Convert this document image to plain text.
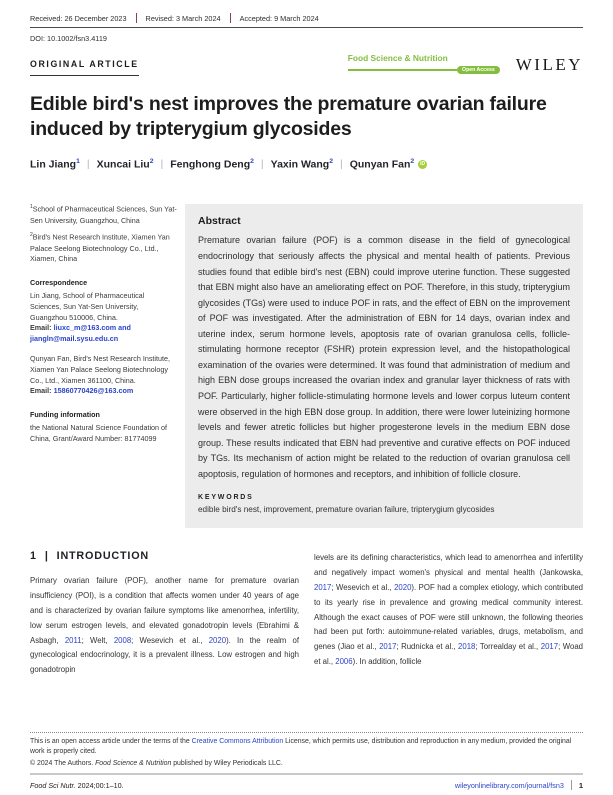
Received: 26 December 2023	Revised: 3 March 2024	Accepted: 9 March 2024
DOI: 10.1002/fsn3.4119
ORIGINAL ARTICLE
Food Science & Nutrition
Open Access WILEY
Edible bird's nest improves the premature ovarian failure induced by tripterygium glycosides
Lin Jiang$^1$ | Xuncai Liu$^2$ | Fenghong Deng$^2$ | Yaxin Wang$^2$ | Qunyan Fan$^2$	iD
$^1$School of Pharmaceutical Sciences, Sun Yat-Sen University, Guangzhou, China
$^2$Bird's Nest Research Institute, Xiamen Yan Palace Seelong Biotechnology Co., Ltd., Xiamen, China
Correspondence
Lin Jiang, School of Pharmaceutical Sciences, Sun Yat-Sen University, Guangzhou 510006, China.
Email: liuxc_m@163.com and jiangln@mail.sysu.edu.cn
Qunyan Fan, Bird's Nest Research Institute, Xiamen Yan Palace Seelong Biotechnology Co., Ltd., Xiamen 361100, China.
Email: 15860770426@163.com
Funding information
the National Natural Science Foundation of China, Grant/Award Number: 81774099
Abstract

Premature ovarian failure (POF) is a common disease in the field of gynecological endocrinology that seriously affects the physical and mental health of patients. Previous studies found that edible bird's nest (EBN) could improve uterine function. These suggested that EBN might also have an ameliorating effect on POF. Therefore, in this study, tripterygium glycosides (TGs) were used to induce POF in rats, and the effect of EBN on the improvement of POF was investigated. After the administration of EBN for 14 days, ovarian index and uterine index, serum hormone levels, apoptosis rate of ovarian granulosa cells, follicle-stimulating hormone receptor (FSHR) protein expression level, and the histopathological examination of the ovaries were determined. It was found that administration of medium and high EBN dose groups increased the ovarian index and granular layer thickness of rats with POF. Particularly, higher follicle-stimulating hormone levels and lower corpus luteum content were observed in the high EBN dose group. In addition, there were lower luteinizing hormone levels and fewer atretic follicles but higher progesterone levels in the medium EBN dose group. These results indicated that EBN had preventive and curative effects on POF induced by TGs. Its mechanism of action might be related to the reduction of ovarian granulosa cell apoptosis, regulation of hormones and receptors, and inhibition of follicle closure.

KEYWORDS
edible bird's nest, improvement, premature ovarian failure, tripterygium glycosides
1 | INTRODUCTION

Primary ovarian failure (POF), another name for premature ovarian insufficiency (POI), is a condition that affects women under 40 years of age and is characterized by ovarian failure symptoms like amenorrhea, infertility, low serum estrogen levels, and elevated gonadotropin levels (Ebrahimi & Asbagh, 2011; Welt, 2008; Wesevich et al., 2020). In the realm of gynecological endocrinology, it is a prevalent illness. Low estrogen and high gonadotropin

levels are its defining characteristics, which lead to amenorrhea and infertility and negatively impact women's physical and mental health (Jankowska, 2017; Wesevich et al., 2020). POF had a complex etiology, which contributed to its yearly rise in prevalence and growing medical community interest. Although the exact causes of POF were still unknown, the following theories had been put forth: autoimmune-related variables, drugs, metabolism, and genes (Jiao et al., 2017; Rudnicka et al., 2018; Torrealday et al., 2017; Woad et al., 2006). In addition, follicle

This is an open access article under the terms of the Creative Commons Attribution License, which permits use, distribution and reproduction in any medium, provided the original work is properly cited.
© 2024 The Authors. Food Science & Nutrition published by Wiley Periodicals LLC.
Food Sci Nutr. 2024;00:1–10.	wileyonlinelibrary.com/journal/fsn3 1
